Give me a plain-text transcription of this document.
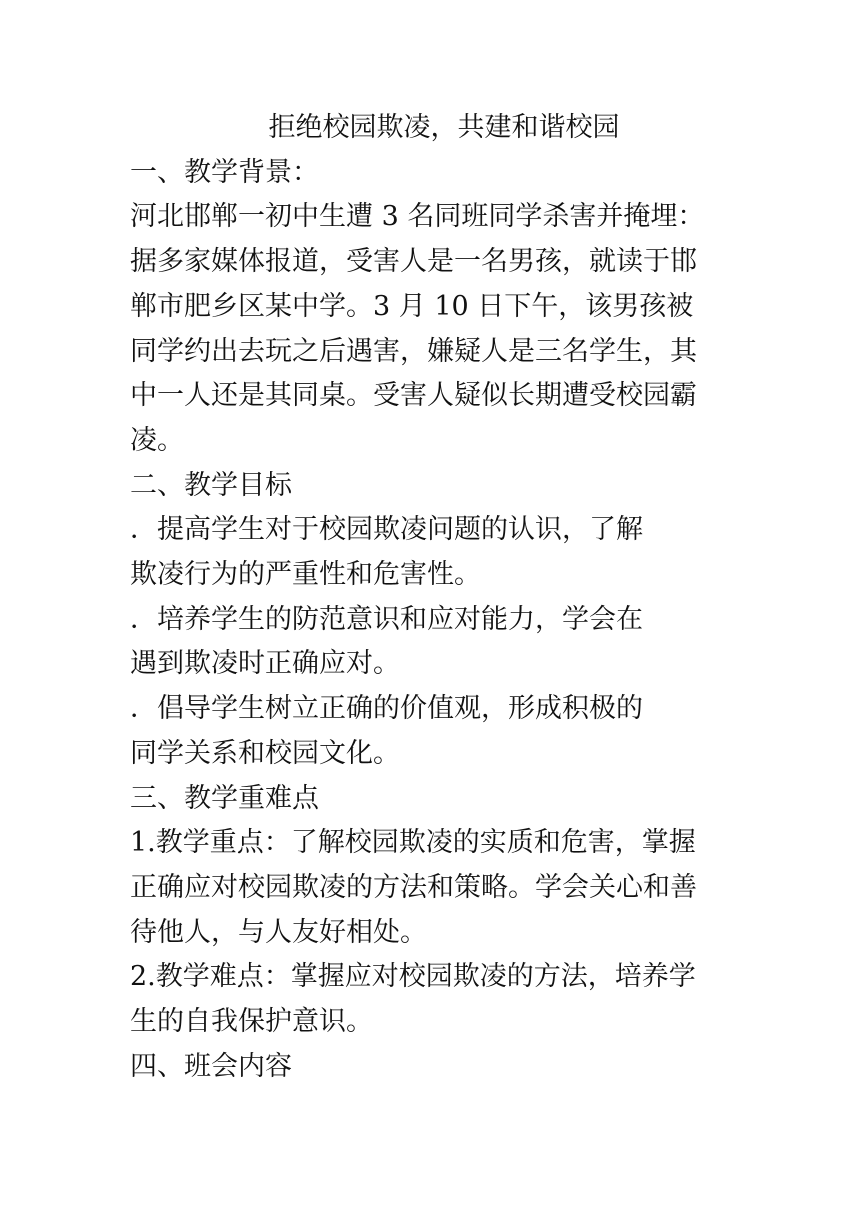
拒绝校园欺凌，共建和谐校园

一、教学背景：

河北邯郸一初中生遭 3 名同班同学杀害并掩埋：

据多家媒体报道，受害人是一名男孩，就读于邯

郸市肥乡区某中学。3 月 10 日下午，该男孩被

同学约出去玩之后遇害，嫌疑人是三名学生，其

中一人还是其同桌。受害人疑似长期遭受校园霸

凌。

二、教学目标

．提高学生对于校园欺凌问题的认识，了解

欺凌行为的严重性和危害性。

．培养学生的防范意识和应对能力，学会在

遇到欺凌时正确应对。

．倡导学生树立正确的价值观，形成积极的

同学关系和校园文化。

三、教学重难点

1.教学重点：了解校园欺凌的实质和危害，掌握

正确应对校园欺凌的方法和策略。学会关心和善

待他人，与人友好相处。

2.教学难点：掌握应对校园欺凌的方法，培养学

生的自我保护意识。

四、班会内容
